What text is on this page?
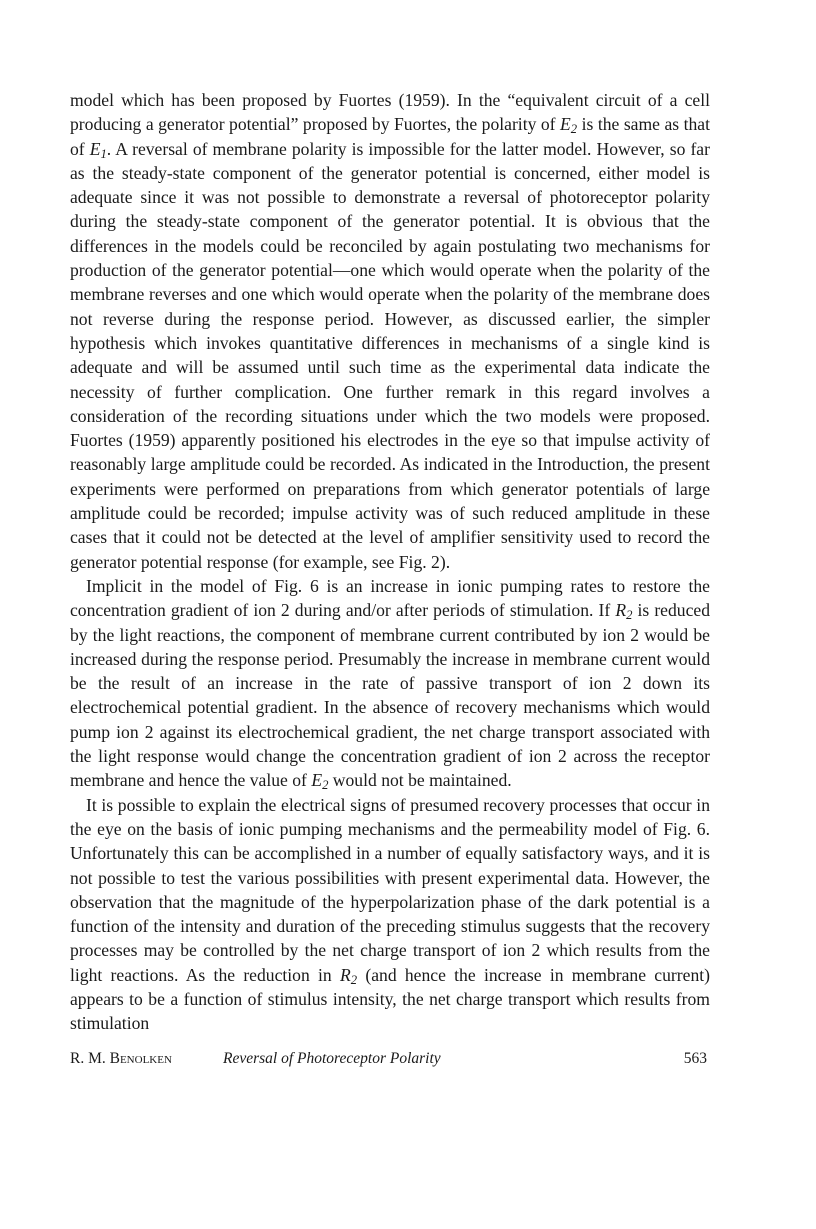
model which has been proposed by Fuortes (1959). In the “equivalent circuit of a cell producing a generator potential” proposed by Fuortes, the polarity of $E_2$ is the same as that of $E_1$. A reversal of membrane polarity is impossible for the latter model. However, so far as the steady-state component of the generator potential is concerned, either model is adequate since it was not possible to demonstrate a reversal of photoreceptor polarity during the steady-state component of the generator potential. It is obvious that the differences in the models could be reconciled by again postulating two mechanisms for production of the generator potential—one which would operate when the polarity of the membrane reverses and one which would operate when the polarity of the membrane does not reverse during the response period. However, as discussed earlier, the simpler hypothesis which invokes quantitative differences in mechanisms of a single kind is adequate and will be assumed until such time as the experimental data indicate the necessity of further complication. One further remark in this regard involves a consideration of the recording situations under which the two models were proposed. Fuortes (1959) apparently positioned his electrodes in the eye so that impulse activity of reasonably large amplitude could be recorded. As indicated in the Introduction, the present experiments were performed on preparations from which generator potentials of large amplitude could be recorded; impulse activity was of such reduced amplitude in these cases that it could not be detected at the level of amplifier sensitivity used to record the generator potential response (for example, see Fig. 2).

Implicit in the model of Fig. 6 is an increase in ionic pumping rates to restore the concentration gradient of ion 2 during and/or after periods of stimulation. If $R_2$ is reduced by the light reactions, the component of membrane current contributed by ion 2 would be increased during the response period. Presumably the increase in membrane current would be the result of an increase in the rate of passive transport of ion 2 down its electrochemical potential gradient. In the absence of recovery mechanisms which would pump ion 2 against its electrochemical gradient, the net charge transport associated with the light response would change the concentration gradient of ion 2 across the receptor membrane and hence the value of $E_2$ would not be maintained.

It is possible to explain the electrical signs of presumed recovery processes that occur in the eye on the basis of ionic pumping mechanisms and the permeability model of Fig. 6. Unfortunately this can be accomplished in a number of equally satisfactory ways, and it is not possible to test the various possibilities with present experimental data. However, the observation that the magnitude of the hyperpolarization phase of the dark potential is a function of the intensity and duration of the preceding stimulus suggests that the recovery processes may be controlled by the net charge transport of ion 2 which results from the light reactions. As the reduction in $R_2$ (and hence the increase in membrane current) appears to be a function of stimulus intensity, the net charge transport which results from stimulation

R. M. Benolken	Reversal of Photoreceptor Polarity	563
